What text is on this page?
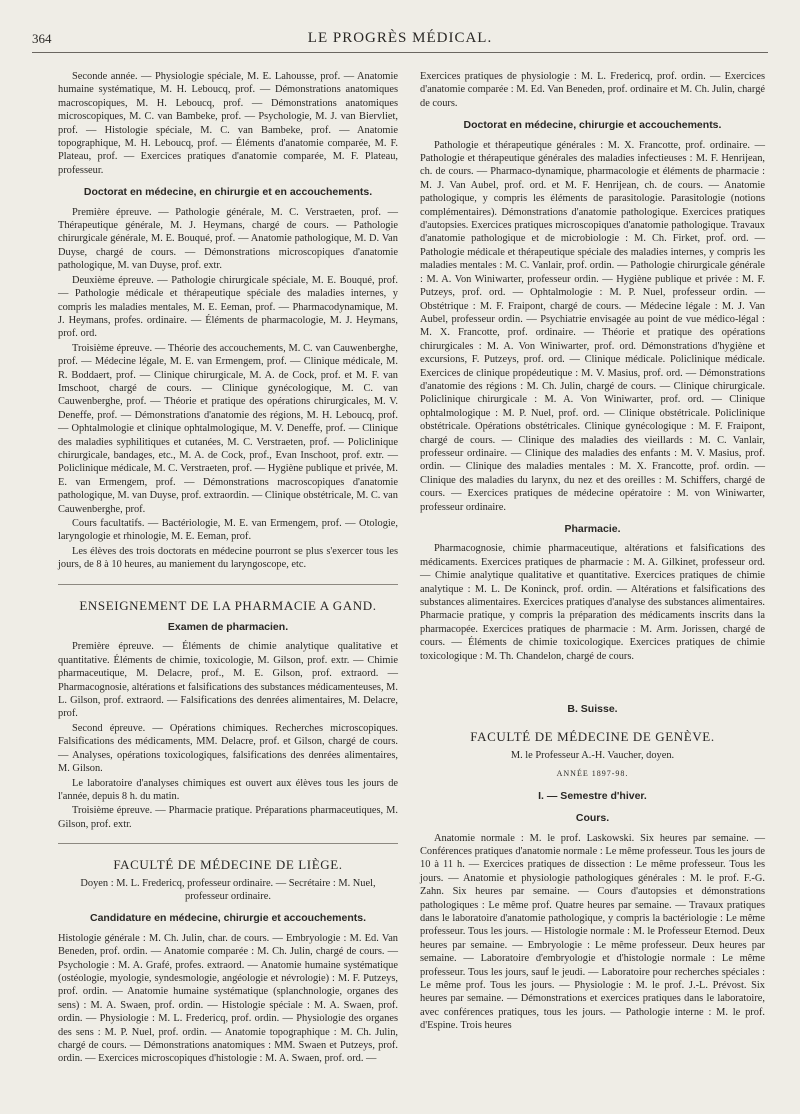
364	LE PROGRÈS MÉDICAL.

Seconde année. — Physiologie spéciale, M. E. Lahousse, prof. — Anatomie humaine systématique, M. H. Leboucq, prof. — Démonstrations anatomiques macroscopiques, M. H. Leboucq, prof. — Démonstrations anatomiques microscopiques, M. C. van Bambeke, prof. — Psychologie, M. J. van Biervliet, prof. — Histologie spéciale, M. C. van Bambeke, prof. — Anatomie topographique, M. H. Leboucq, prof. — Éléments d'anatomie comparée, M. F. Plateau, prof. — Exercices pratiques d'anatomie comparée, M. F. Plateau, professeur.

Doctorat en médecine, en chirurgie et en accouchements.

Première épreuve. — Pathologie générale, M. C. Verstraeten, prof. — Thérapeutique générale, M. J. Heymans, chargé de cours. — Pathologie chirurgicale générale, M. E. Bouqué, prof. — Anatomie pathologique, M. D. Van Duyse, chargé de cours. — Démonstrations microscopiques d'anatomie pathologique, M. van Duyse, prof. extr.

Deuxième épreuve. — Pathologie chirurgicale spéciale, M. E. Bouqué, prof. — Pathologie médicale et thérapeutique spéciale des maladies internes, y compris les maladies mentales, M. E. Eeman, prof. — Pharmacodynamique, M. J. Heymans, profes. ordinaire. — Éléments de pharmacologie, M. J. Heymans, prof. ord.

Troisième épreuve. — Théorie des accouchements, M. C. van Cauwenberghe, prof. — Médecine légale, M. E. van Ermengem, prof. — Clinique médicale, M. R. Boddaert, prof. — Clinique chirurgicale, M. A. de Cock, prof. et M. F. van Imschoot, chargé de cours. — Clinique gynécologique, M. C. van Cauwenberghe, prof. — Théorie et pratique des opérations chirurgicales, M. V. Deneffe, prof. — Démonstrations d'anatomie des régions, M. H. Leboucq, prof. — Ophtalmologie et clinique ophtalmologique, M. V. Deneffe, prof. — Clinique des maladies syphilitiques et cutanées, M. C. Verstraeten, prof. — Policlinique chirurgicale, bandages, etc., M. A. de Cock, prof., Evan Inschoot, prof. extr. — Policlinique médicale, M. C. Verstraeten, prof. — Hygiène publique et privée, M. E. van Ermengem, prof. — Démonstrations macroscopiques d'anatomie pathologique, M. van Duyse, prof. extraordin. — Clinique obstétricale, M. C. van Cauwenberghe, prof.

Cours facultatifs. — Bactériologie, M. E. van Ermengem, prof. — Otologie, laryngologie et rhinologie, M. E. Eeman, prof.

Les élèves des trois doctorats en médecine pourront se plus s'exercer tous les jours, de 8 à 10 heures, au maniement du laryngoscope, etc.

ENSEIGNEMENT DE LA PHARMACIE A GAND.
Examen de pharmacien.

Première épreuve. — Éléments de chimie analytique qualitative et quantitative. Éléments de chimie, toxicologie, M. Gilson, prof. extr. — Chimie pharmaceutique, M. Delacre, prof., M. E. Gilson, prof. extraord. — Pharmacognosie, altérations et falsifications des substances médicamenteuses, M. L. Gilson, prof. extraord. — Falsifications des denrées alimentaires, M. Delacre, prof.

Second épreuve. — Opérations chimiques. Recherches microscopiques. Falsifications des médicaments, MM. Delacre, prof. et Gilson, chargé de cours. — Analyses, opérations toxicologiques, falsifications des denrées alimentaires, M. Gilson.

Le laboratoire d'analyses chimiques est ouvert aux élèves tous les jours de l'année, depuis 8 h. du matin.

Troisième épreuve. — Pharmacie pratique. Préparations pharmaceutiques, M. Gilson, prof. extr.

FACULTÉ DE MÉDECINE DE LIÈGE.
Doyen : M. L. Fredericq, professeur ordinaire. — Secrétaire : M. Nuel, professeur ordinaire.
Candidature en médecine, chirurgie et accouchements.

Histologie générale : M. Ch. Julin, char. de cours. — Embryologie : M. Ed. Van Beneden, prof. ordin. — Anatomie comparée : M. Ch. Julin, chargé de cours. — Psychologie : M. A. Grafé, profes. extraord. — Anatomie humaine systématique (ostéologie, myologie, syndesmologie, angéologie et névrologie) : M. F. Putzeys, prof. ordin. — Anatomie humaine systématique (splanchnologie, organes des sens) : M. A. Swaen, prof. ordin. — Histologie spéciale : M. A. Swaen, prof. ordin. — Physiologie : M. L. Fredericq, prof. ordin. — Physiologie des organes des sens : M. P. Nuel, prof. ordin. — Anatomie topographique : M. Ch. Julin, chargé de cours. — Démonstrations anatomiques : MM. Swaen et Putzeys, prof. ordin. — Exercices microscopiques d'histologie : M. A. Swaen, prof. ord. —

Exercices pratiques de physiologie : M. L. Fredericq, prof. ordin. — Exercices d'anatomie comparée : M. Ed. Van Beneden, prof. ordinaire et M. Ch. Julin, chargé de cours.

Doctorat en médecine, chirurgie et accouchements.

Pathologie et thérapeutique générales : M. X. Francotte, prof. ordinaire. — Pathologie et thérapeutique générales des maladies infectieuses : M. F. Henrijean, ch. de cours. — Pharmaco-dynamique, pharmacologie et éléments de pharmacie : M. J. Van Aubel, prof. ord. et M. F. Henrijean, ch. de cours. — Anatomie pathologique, y compris les éléments de parasitologie. Parasitologie (notions complémentaires). Démonstrations d'anatomie pathologique. Exercices pratiques d'autopsies. Exercices pratiques microscopiques d'anatomie pathologique. Travaux d'anatomie pathologique et de microbiologie : M. Ch. Firket, prof. ord. — Pathologie médicale et thérapeutique spéciale des maladies internes, y compris les maladies mentales : M. C. Vanlair, prof. ordin. — Pathologie chirurgicale générale : M. A. Von Winiwarter, professeur ordin. — Hygiène publique et privée : M. F. Putzeys, prof. ord. — Ophtalmologie : M. P. Nuel, professeur ordin. — Obstétrique : M. F. Fraipont, chargé de cours. — Médecine légale : M. J. Van Aubel, professeur ordin. — Psychiatrie envisagée au point de vue médico-légal : M. X. Francotte, prof. ordinaire. — Théorie et pratique des opérations chirurgicales : M. A. Von Winiwarter, prof. ord. Démonstrations d'hygiène et excursions, F. Putzeys, prof. ord. — Clinique médicale. Policlinique médicale. Exercices de clinique propédeutique : M. V. Masius, prof. ord. — Démonstrations d'anatomie des régions : M. Ch. Julin, chargé de cours. — Clinique chirurgicale. Policlinique chirurgicale : M. A. Von Winiwarter, prof. ord. — Clinique ophtalmologique : M. P. Nuel, prof. ord. — Clinique obstétricale. Policlinique obstétricale. Opérations obstétricales. Clinique gynécologique : M. F. Fraipont, chargé de cours. — Clinique des maladies des vieillards : M. C. Vanlair, professeur ordinaire. — Clinique des maladies des enfants : M. V. Masius, prof. ordin. — Clinique des maladies mentales : M. X. Francotte, prof. ordin. — Clinique des maladies du larynx, du nez et des oreilles : M. Schiffers, chargé de cours. — Exercices pratiques de médecine opératoire : M. von Winiwarter, professeur ordinaire.

Pharmacie.

Pharmacognosie, chimie pharmaceutique, altérations et falsifications des médicaments. Exercices pratiques de pharmacie : M. A. Gilkinet, professeur ord. — Chimie analytique qualitative et quantitative. Exercices pratiques de chimie analytique : M. L. De Koninck, prof. ordin. — Altérations et falsifications des substances alimentaires. Exercices pratiques d'analyse des substances alimentaires. Pharmacie pratique, y compris la préparation des médicaments inscrits dans la pharmacopée. Exercices pratiques de pharmacie : M. Arm. Jorissen, chargé de cours. — Éléments de chimie toxicologique. Exercices pratiques de chimie toxicologique : M. Th. Chandelon, chargé de cours.

B. Suisse.
FACULTÉ DE MÉDECINE DE GENÈVE.
M. le Professeur A.-H. Vaucher, doyen.
ANNÉE 1897-98.
I. — Semestre d'hiver.
Cours.

Anatomie normale : M. le prof. Laskowski. Six heures par semaine. — Conférences pratiques d'anatomie normale : Le même professeur. Tous les jours de 10 à 11 h. — Exercices pratiques de dissection : Le même professeur. Tous les jours. — Anatomie et physiologie pathologiques générales : M. le prof. F.-G. Zahn. Six heures par semaine. — Cours d'autopsies et démonstrations pathologiques : Le même prof. Quatre heures par semaine. — Travaux pratiques dans le laboratoire d'anatomie pathologique, y compris la bactériologie : Le même professeur. Tous les jours. — Histologie normale : M. le Professeur Eternod. Deux heures par semaine. — Embryologie : Le même professeur. Deux heures par semaine. — Laboratoire d'embryologie et d'histologie normale : Le même professeur. Tous les jours, sauf le jeudi. — Laboratoire pour recherches spéciales : Le même prof. Tous les jours. — Physiologie : M. le prof. J.-L. Prévost. Six heures par semaine. — Démonstrations et exercices pratiques dans le laboratoire, avec conférences pratiques, tous les jours. — Pathologie interne : M. le prof. d'Espine. Trois heures
